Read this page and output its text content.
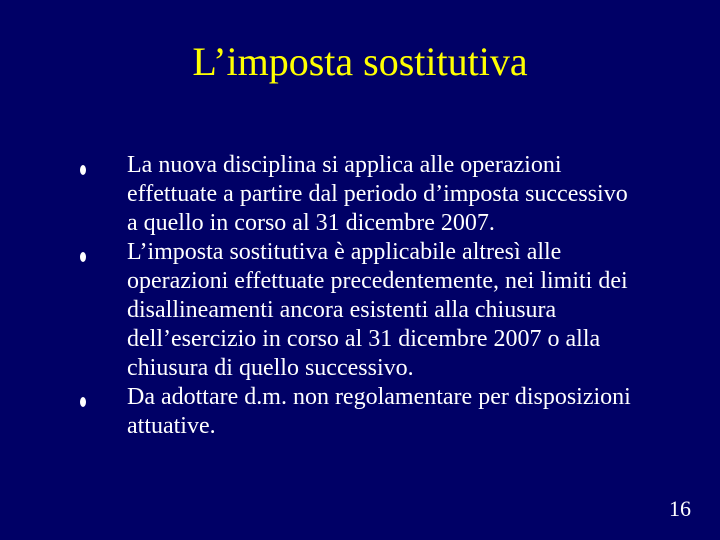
L’imposta sostitutiva
La nuova disciplina si applica alle operazioni effettuate a partire dal periodo d’imposta successivo a quello in corso al 31 dicembre 2007.
L’imposta sostitutiva è applicabile altresì alle operazioni effettuate precedentemente, nei limiti dei disallineamenti ancora esistenti alla chiusura dell’esercizio in corso al 31 dicembre 2007 o alla chiusura di quello successivo.
Da adottare d.m. non regolamentare per disposizioni attuative.
16
